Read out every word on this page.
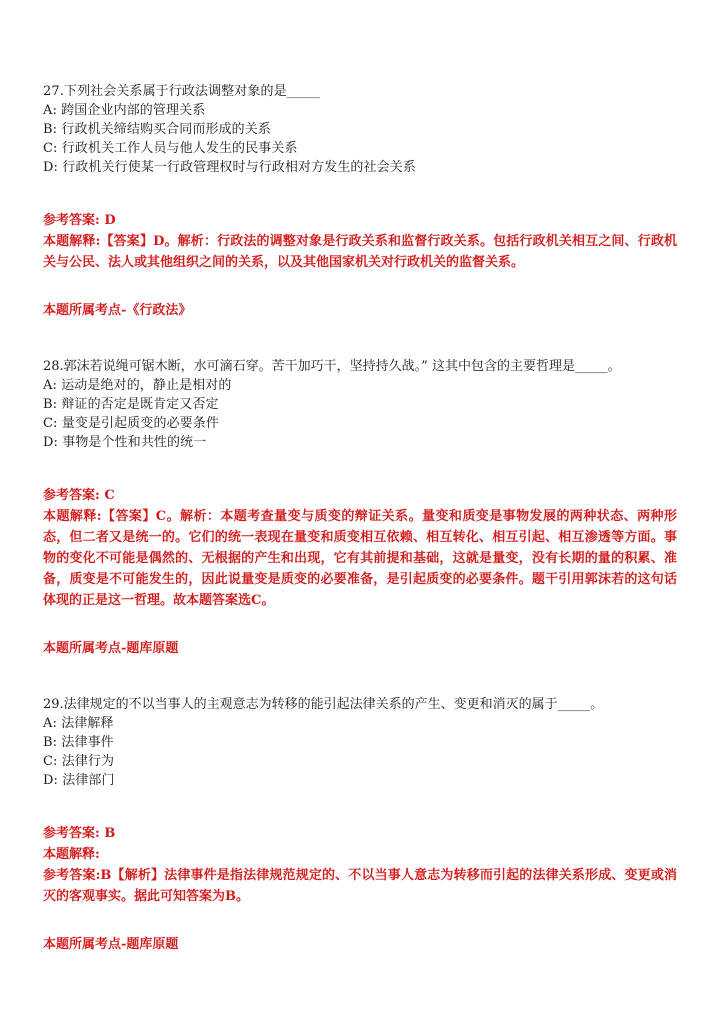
27.下列社会关系属于行政法调整对象的是_____
A: 跨国企业内部的管理关系
B: 行政机关缔结购买合同而形成的关系
C: 行政机关工作人员与他人发生的民事关系
D: 行政机关行使某一行政管理权时与行政相对方发生的社会关系
参考答案: D
本题解释:【答案】D。解析：行政法的调整对象是行政关系和监督行政关系。包括行政机关相互之间、行政机关与公民、法人或其他组织之间的关系，以及其他国家机关对行政机关的监督关系。
本题所属考点-《行政法》
28.郭沫若说绳可锯木断，水可滴石穿。苦干加巧干，坚持持久战。” 这其中包含的主要哲理是_____。
A: 运动是绝对的，静止是相对的
B: 辩证的否定是既肯定又否定
C: 量变是引起质变的必要条件
D: 事物是个性和共性的统一
参考答案: C
本题解释:【答案】C。解析：本题考查量变与质变的辩证关系。量变和质变是事物发展的两种状态、两种形态，但二者又是统一的。它们的统一表现在量变和质变相互依赖、相互转化、相互引起、相互渗透等方面。事物的变化不可能是偶然的、无根据的产生和出现，它有其前提和基础，这就是量变，没有长期的量的积累、准备，质变是不可能发生的，因此说量变是质变的必要准备，是引起质变的必要条件。题干引用郭沫若的这句话体现的正是这一哲理。故本题答案选C。
本题所属考点-题库原题
29.法律规定的不以当事人的主观意志为转移的能引起法律关系的产生、变更和消灭的属于_____。
A: 法律解释
B: 法律事件
C: 法律行为
D: 法律部门
参考答案: B
本题解释:
参考答案:B【解析】法律事件是指法律规范规定的、不以当事人意志为转移而引起的法律关系形成、变更或消灭的客观事实。据此可知答案为B。
本题所属考点-题库原题
